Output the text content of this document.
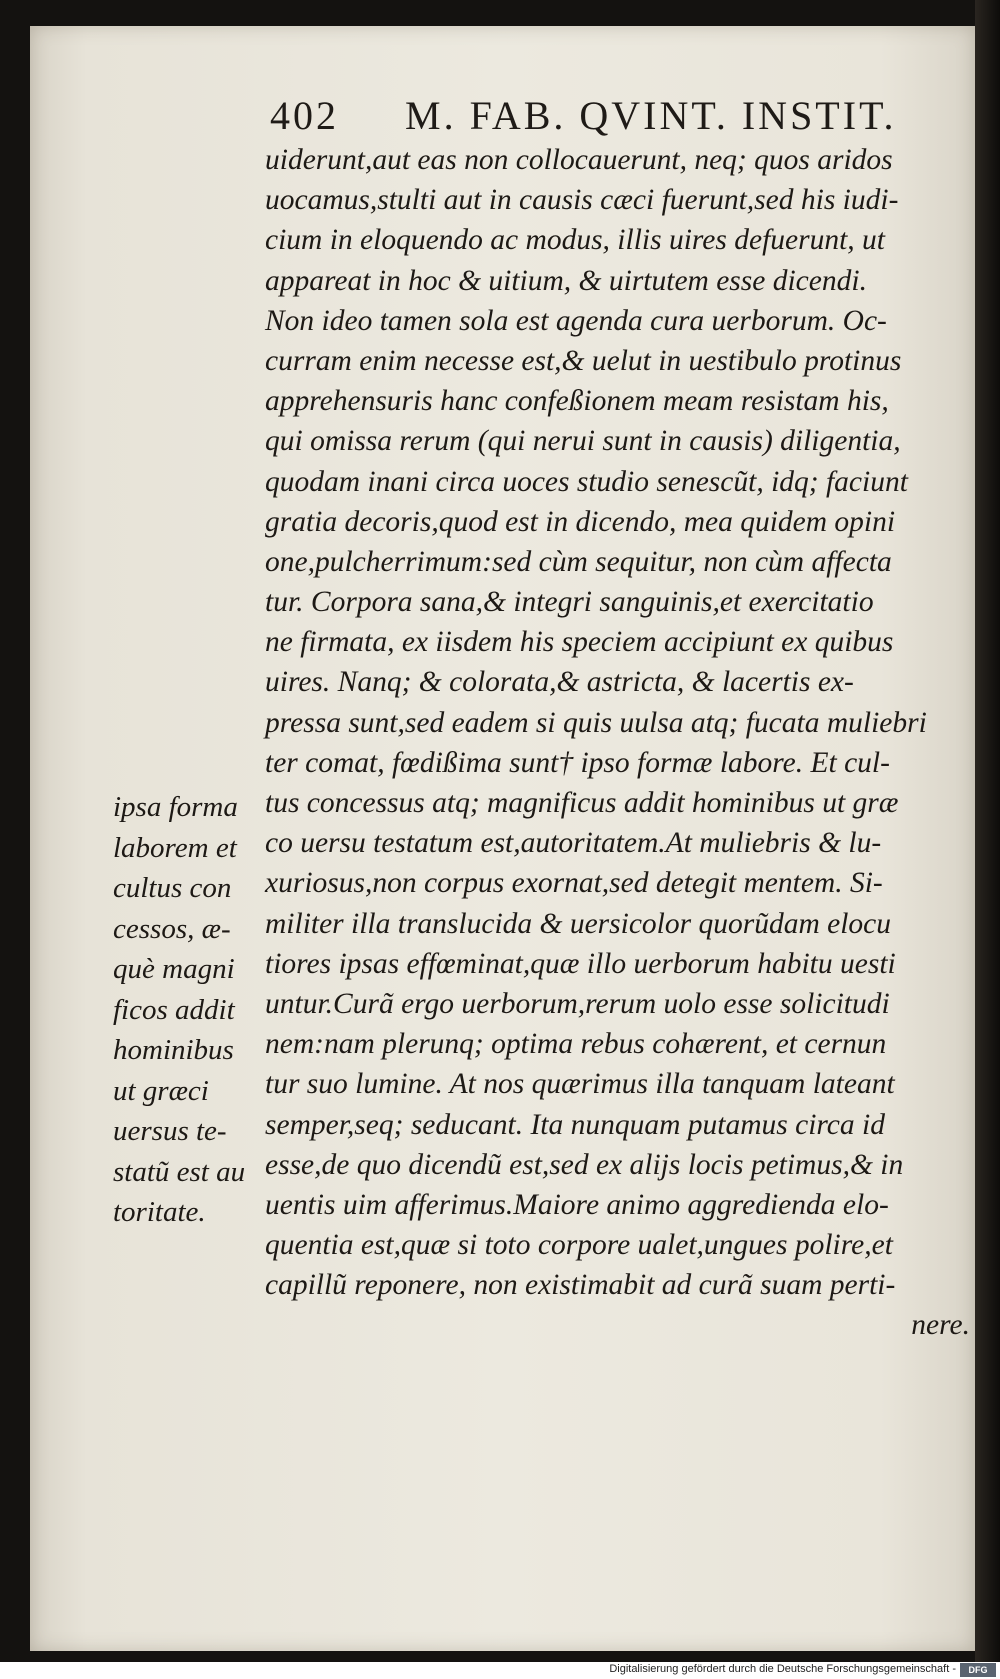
402 M. FAB. QVINT. INSTIT.
uiderunt,aut eas non collocauerunt, neq; quos aridos
uocamus,stulti aut in causis cæci fuerunt,sed his iudi-
cium in eloquendo ac modus, illis uires defuerunt, ut
appareat in hoc & uitium, & uirtutem esse dicendi.
Non ideo tamen sola est agenda cura uerborum. Oc-
curram enim necesse est,& uelut in uestibulo protinus
apprehensuris hanc confeßionem meam resistam his,
qui omissa rerum (qui nerui sunt in causis) diligentia,
quodam inani circa uoces studio senescũt, idq; faciunt
gratia decoris,quod est in dicendo, mea quidem opini
one,pulcherrimum:sed cùm sequitur, non cùm affecta
tur. Corpora sana,& integri sanguinis,et exercitatio
ne firmata, ex iisdem his speciem accipiunt ex quibus
uires. Nanq; & colorata,& astricta, & lacertis ex-
pressa sunt,sed eadem si quis uulsa atq; fucata muliebri
ter comat, fœdißima sunt† ipso formæ labore. Et cul-
tus concessus atq; magnificus addit hominibus ut græ
co uersu testatum est,autoritatem.At muliebris & lu-
xuriosus,non corpus exornat,sed detegit mentem. Si-
militer illa translucida & uersicolor quorũdam elocu
tiores ipsas effœminat,quæ illo uerborum habitu uesti
untur.Curã ergo uerborum,rerum uolo esse solicitudi
nem:nam plerunq; optima rebus cohærent, et cernun
tur suo lumine. At nos quærimus illa tanquam lateant
semper,seq; seducant. Ita nunquam putamus circa id
esse,de quo dicendũ est,sed ex alijs locis petimus,& in
uentis uim afferimus.Maiore animo aggredienda elo-
quentia est,quæ si toto corpore ualet,ungues polire,et
capillũ reponere, non existimabit ad curã suam perti-
nere.
ipsa forma
laborem et
cultus con
cessos, æ-
què magni
ficos addit
hominibus
ut græci
uersus te-
statũ est au
toritate.
Digitalisierung gefördert durch die Deutsche Forschungsgemeinschaft -	DFG
